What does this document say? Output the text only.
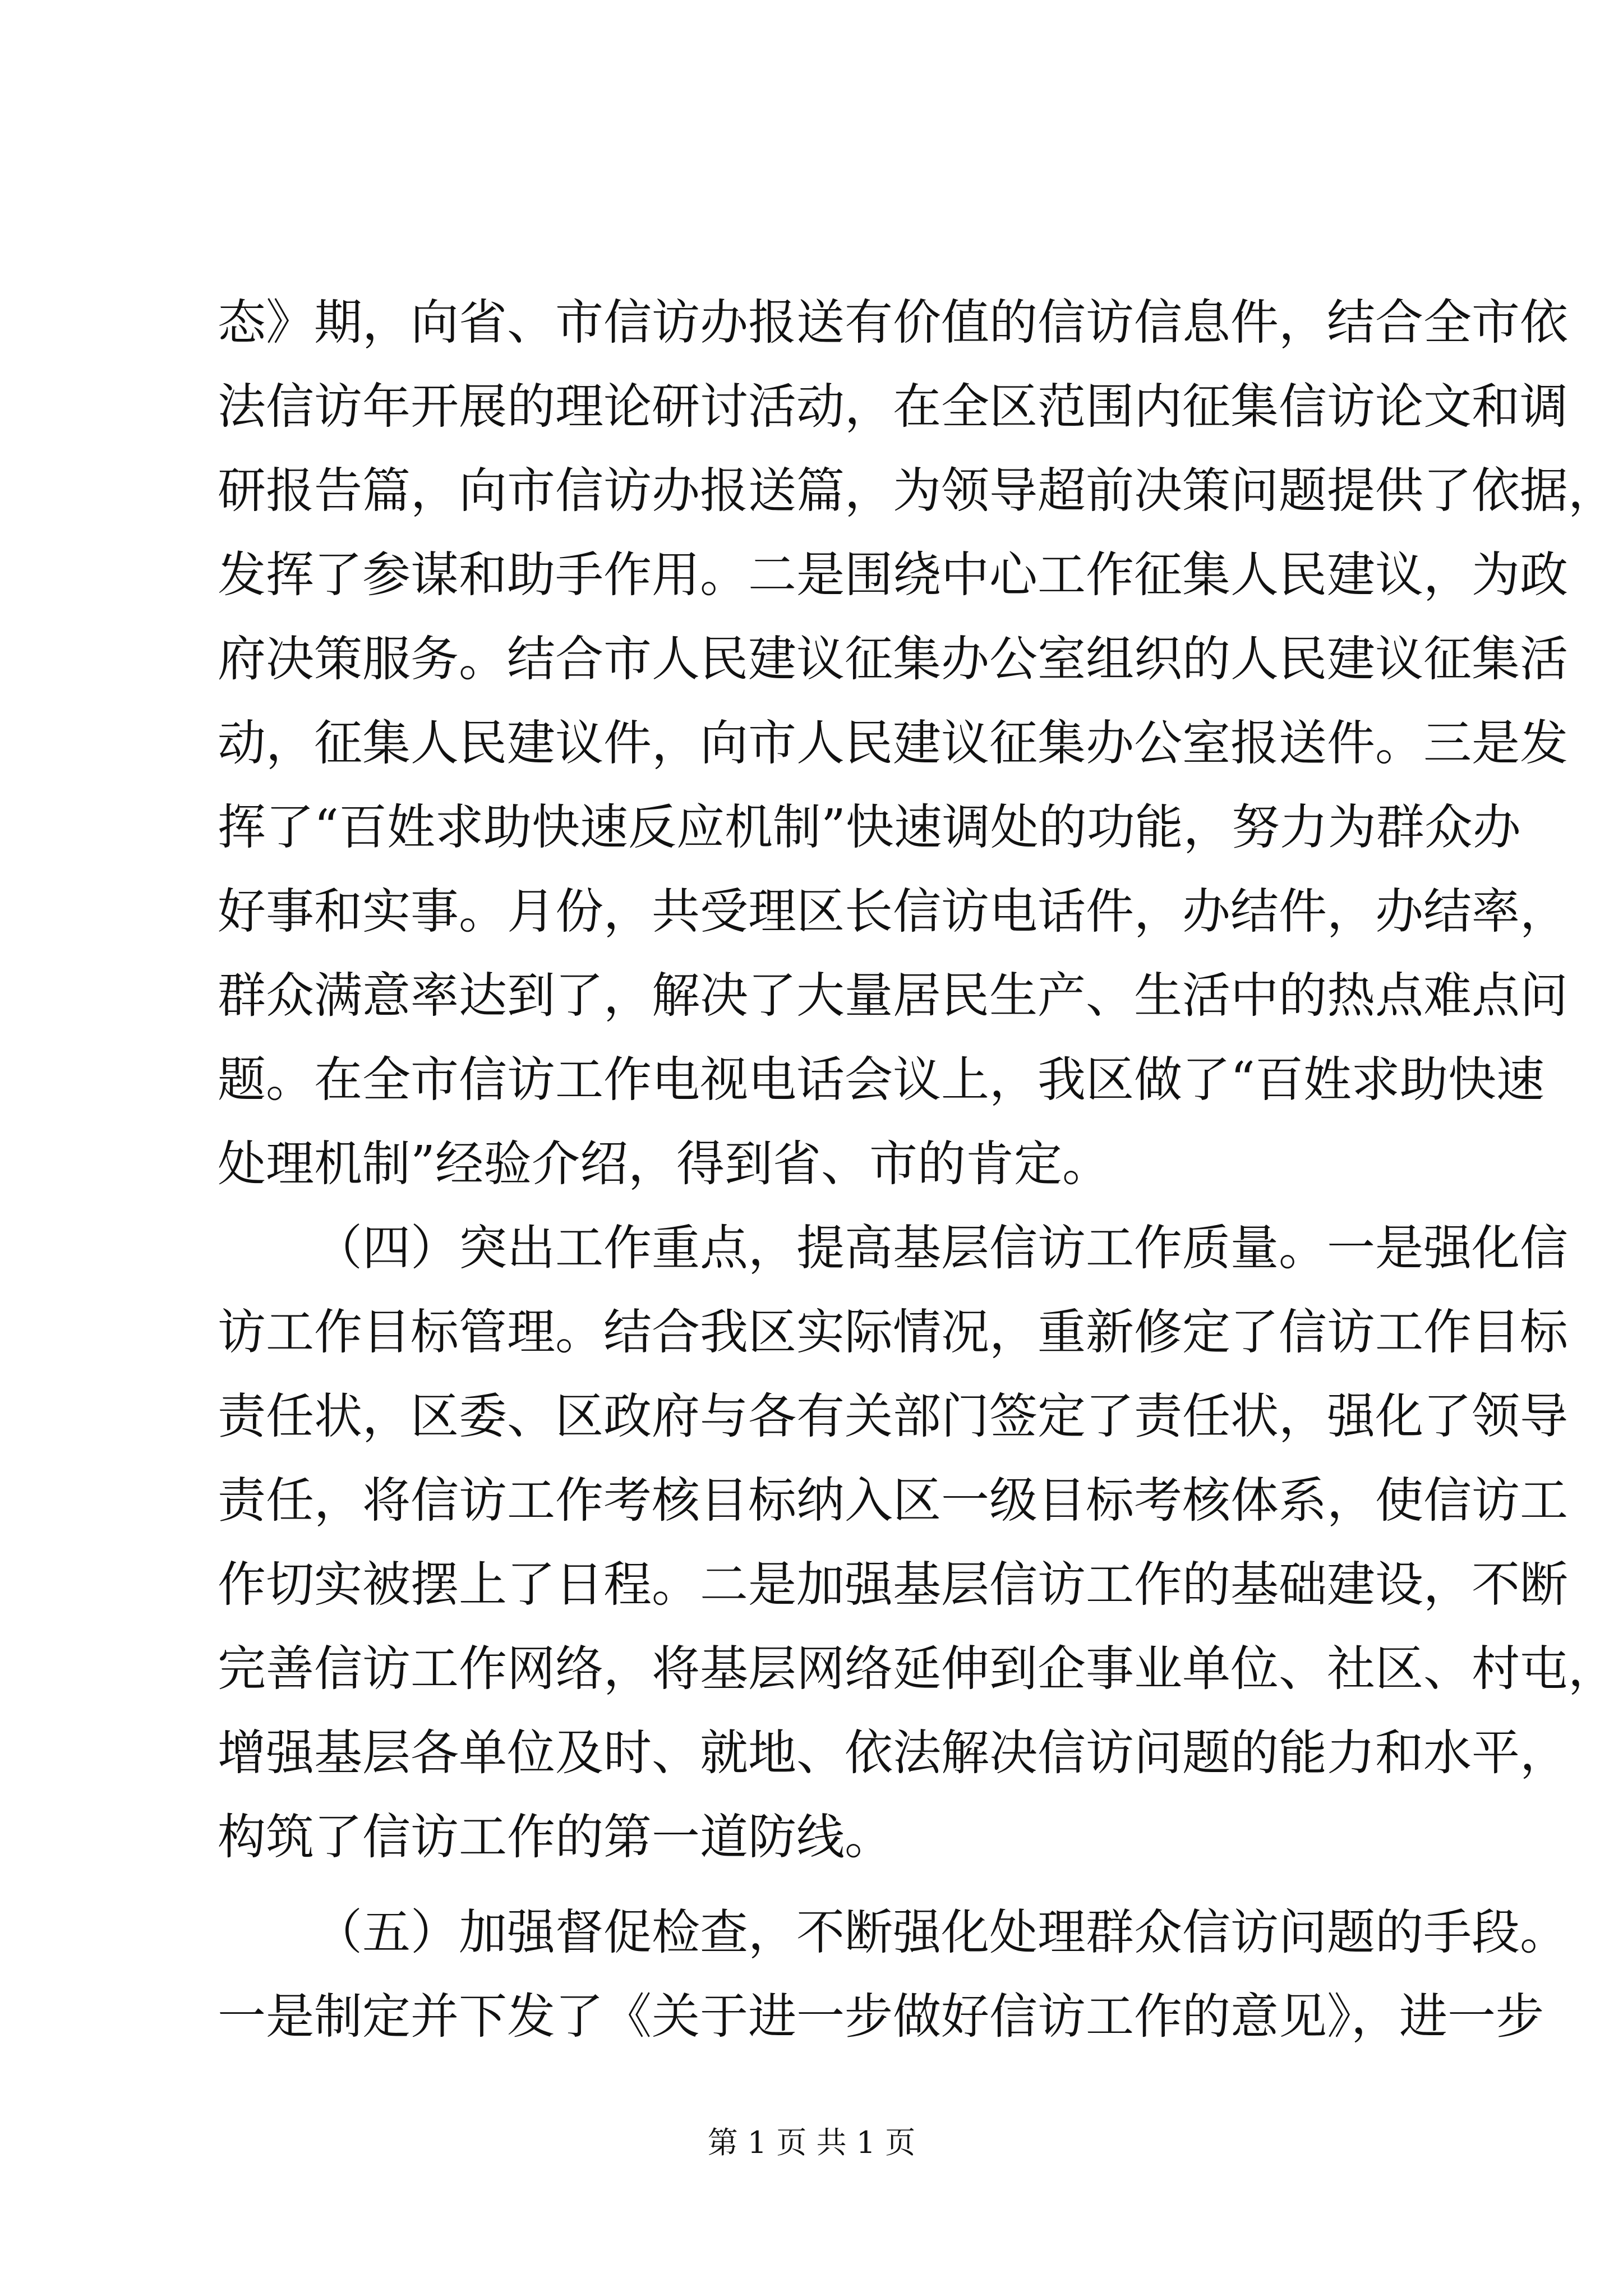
态》期，向省、市信访办报送有价值的信访信息件，结合全市依
法信访年开展的理论研讨活动，在全区范围内征集信访论文和调
研报告篇，向市信访办报送篇，为领导超前决策问题提供了依据，
发挥了参谋和助手作用。二是围绕中心工作征集人民建议，为政
府决策服务。结合市人民建议征集办公室组织的人民建议征集活
动，征集人民建议件，向市人民建议征集办公室报送件。三是发
挥了“百姓求助快速反应机制”快速调处的功能，努力为群众办
好事和实事。月份，共受理区长信访电话件，办结件，办结率，
群众满意率达到了，解决了大量居民生产、生活中的热点难点问
题。在全市信访工作电视电话会议上，我区做了“百姓求助快速
处理机制”经验介绍，得到省、市的肯定。
（四）突出工作重点，提高基层信访工作质量。一是强化信
访工作目标管理。结合我区实际情况，重新修定了信访工作目标
责任状，区委、区政府与各有关部门签定了责任状，强化了领导
责任，将信访工作考核目标纳入区一级目标考核体系，使信访工
作切实被摆上了日程。二是加强基层信访工作的基础建设，不断
完善信访工作网络，将基层网络延伸到企事业单位、社区、村屯，
增强基层各单位及时、就地、依法解决信访问题的能力和水平，
构筑了信访工作的第一道防线。
（五）加强督促检查，不断强化处理群众信访问题的手段。
一是制定并下发了《关于进一步做好信访工作的意见》，进一步
第 1 页 共 1 页
